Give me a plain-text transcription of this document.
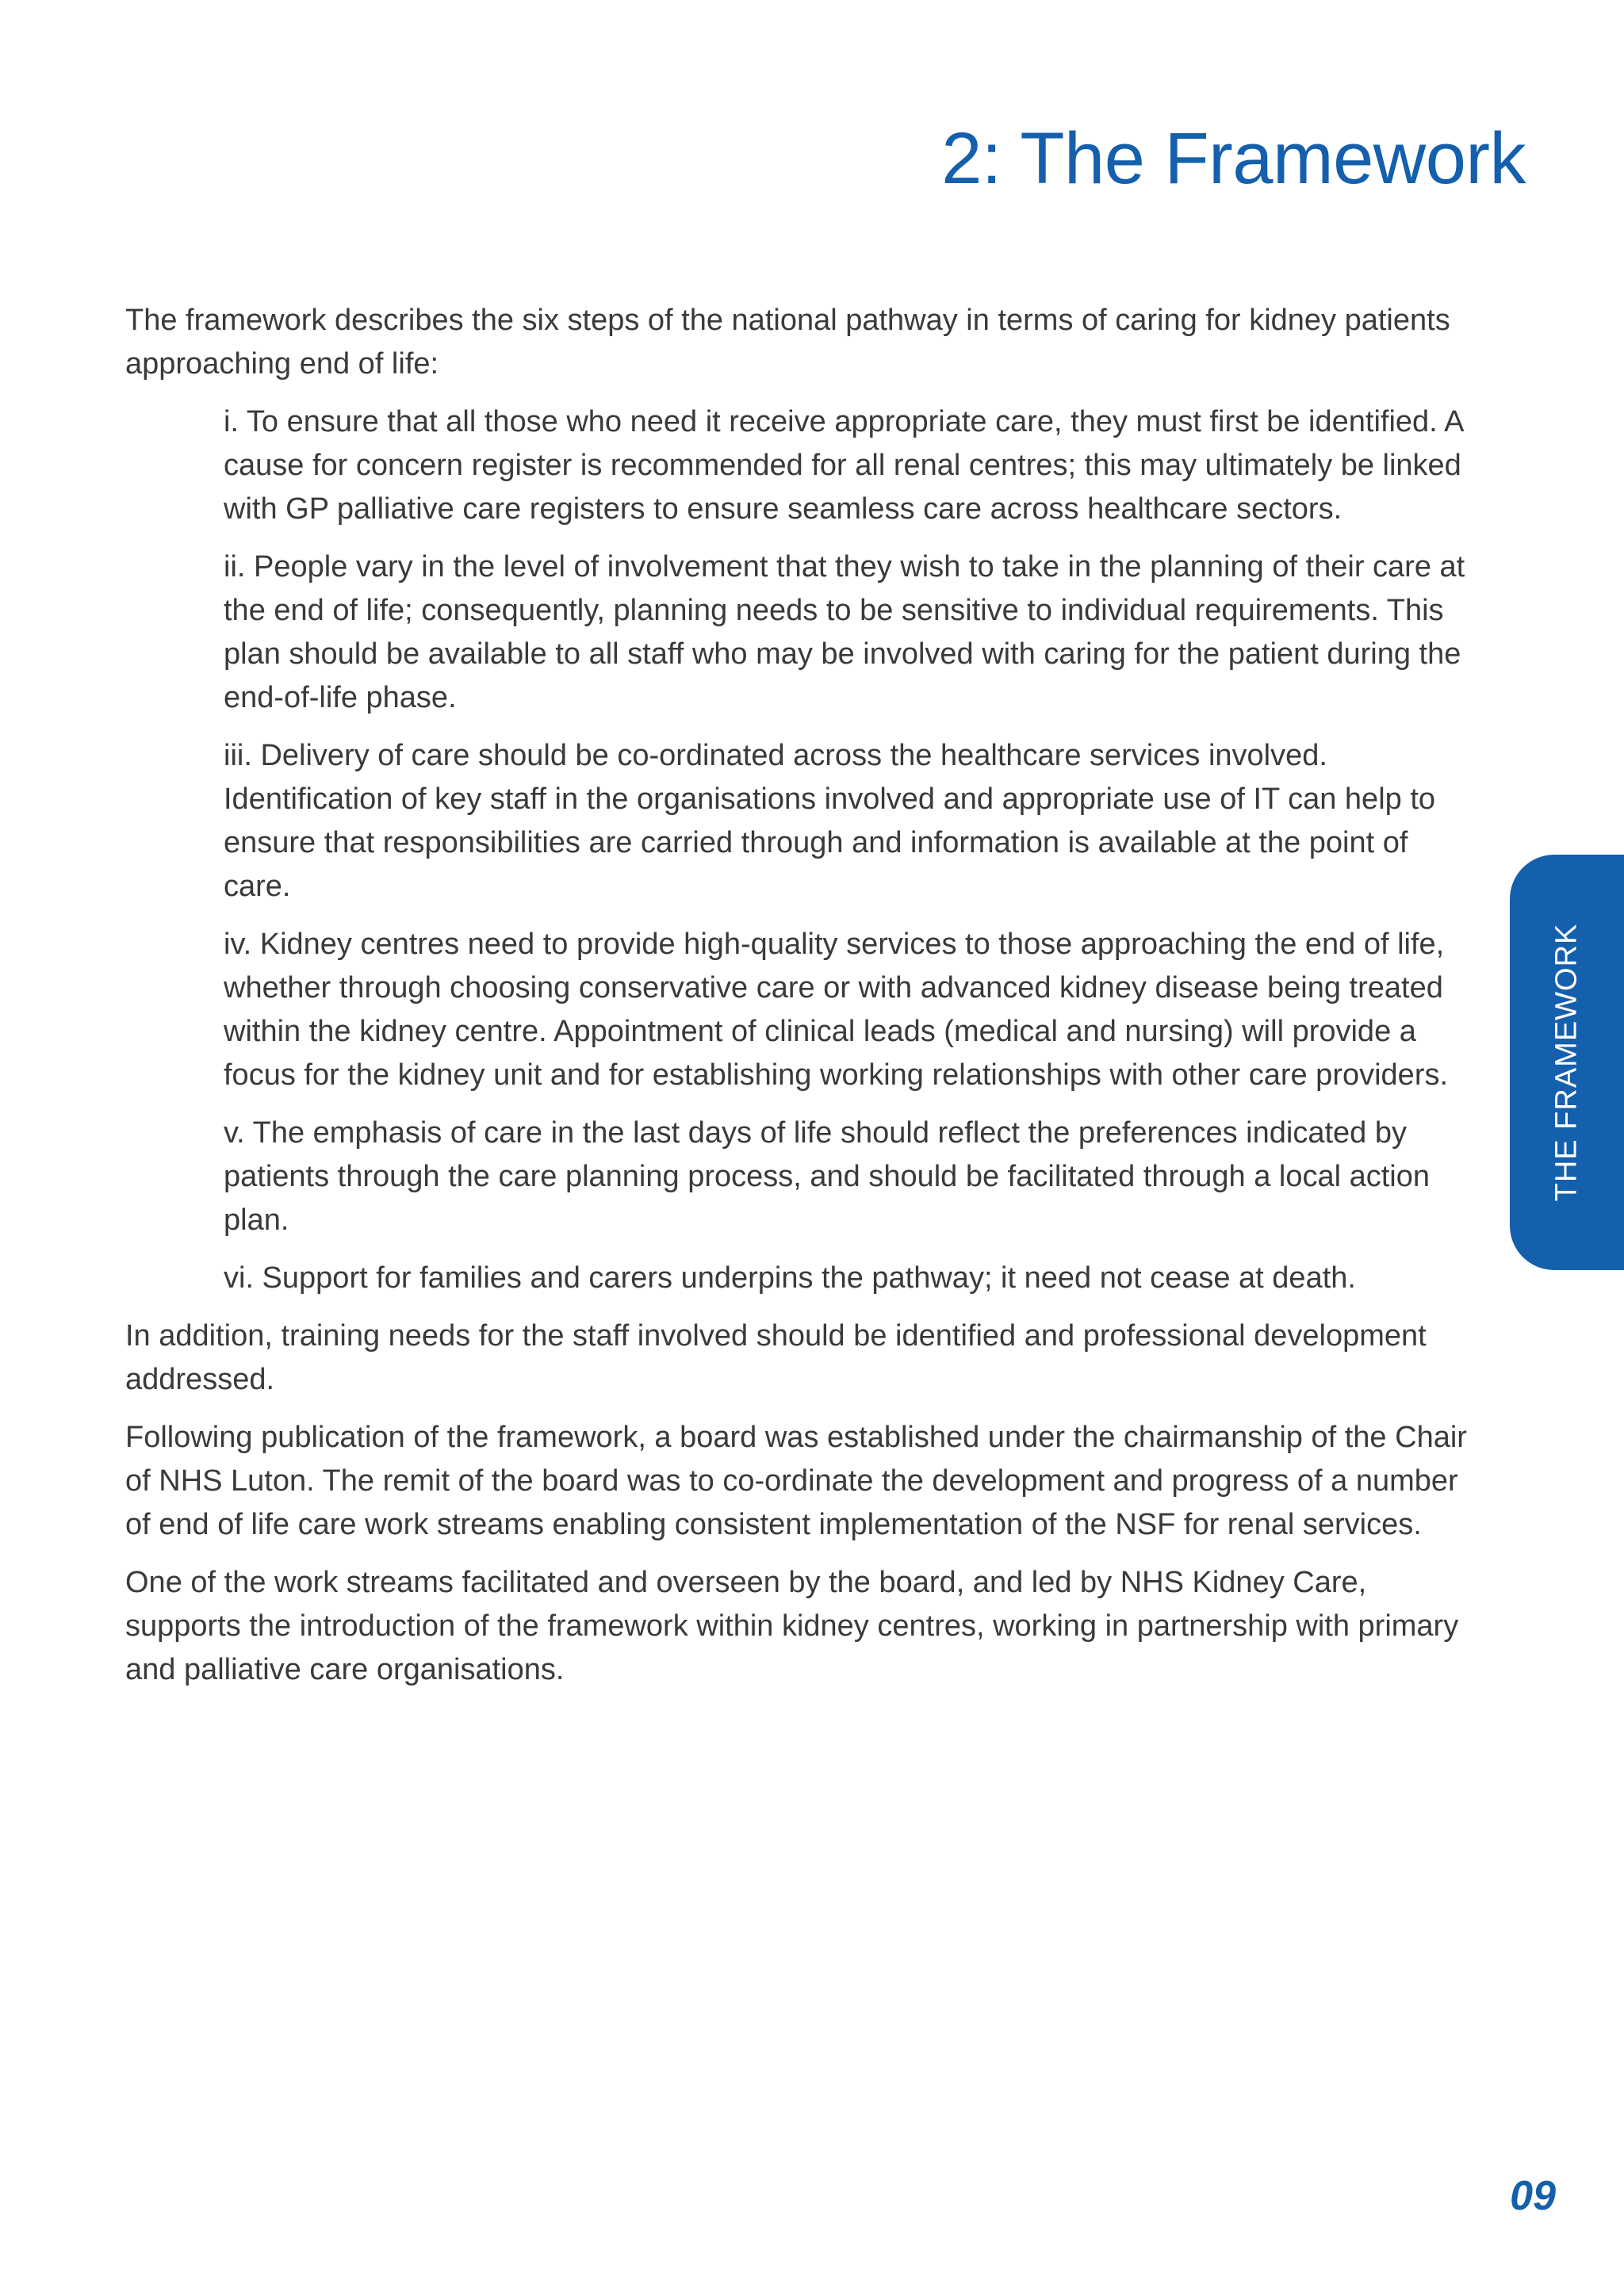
2: The Framework

The framework describes the six steps of the national pathway in terms of caring for kidney patients approaching end of life:

i. To ensure that all those who need it receive appropriate care, they must first be identified. A cause for concern register is recommended for all renal centres; this may ultimately be linked with GP palliative care registers to ensure seamless care across healthcare sectors.
ii. People vary in the level of involvement that they wish to take in the planning of their care at the end of life; consequently, planning needs to be sensitive to individual requirements. This plan should be available to all staff who may be involved with caring for the patient during the end-of-life phase.
iii. Delivery of care should be co-ordinated across the healthcare services involved. Identification of key staff in the organisations involved and appropriate use of IT can help to ensure that responsibilities are carried through and information is available at the point of care.
iv. Kidney centres need to provide high-quality services to those approaching the end of life, whether through choosing conservative care or with advanced kidney disease being treated within the kidney centre. Appointment of clinical leads (medical and nursing) will provide a focus for the kidney unit and for establishing working relationships with other care providers.
v. The emphasis of care in the last days of life should reflect the preferences indicated by patients through the care planning process, and should be facilitated through a local action plan.
vi. Support for families and carers underpins the pathway; it need not cease at death.

In addition, training needs for the staff involved should be identified and professional development addressed.

Following publication of the framework, a board was established under the chairmanship of the Chair of NHS Luton. The remit of the board was to co-ordinate the development and progress of a number of end of life care work streams enabling consistent implementation of the NSF for renal services.

One of the work streams facilitated and overseen by the board, and led by NHS Kidney Care, supports the introduction of the framework within kidney centres, working in partnership with primary and palliative care organisations.

THE FRAMEWORK
09
